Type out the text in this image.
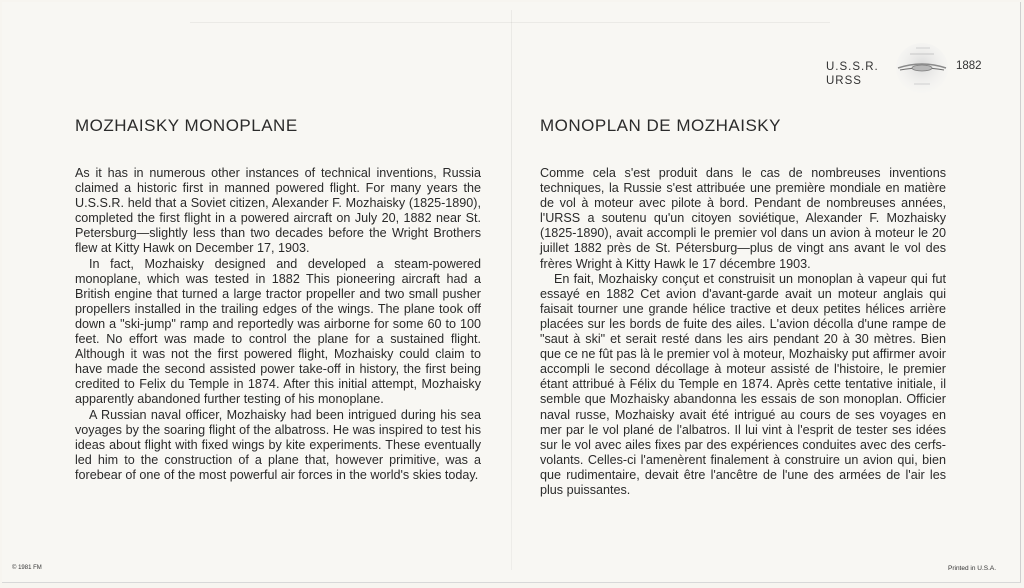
U.S.S.R.
URSS
1882
MOZHAISKY MONOPLANE

As it has in numerous other instances of technical inventions, Russia claimed a historic first in manned powered flight. For many years the U.S.S.R. held that a Soviet citizen, Alexander F. Mozhaisky (1825-1890), completed the first flight in a powered aircraft on July 20, 1882 near St. Petersburg—slightly less than two decades before the Wright Brothers flew at Kitty Hawk on December 17, 1903.

In fact, Mozhaisky designed and developed a steam-powered monoplane, which was tested in 1882 This pioneering aircraft had a British engine that turned a large tractor propeller and two small pusher propellers installed in the trailing edges of the wings. The plane took off down a "ski-jump" ramp and reportedly was airborne for some 60 to 100 feet. No effort was made to control the plane for a sustained flight. Although it was not the first powered flight, Mozhaisky could claim to have made the second assisted power take-off in history, the first being credited to Felix du Temple in 1874. After this initial attempt, Mozhaisky apparently abandoned further testing of his monoplane.

A Russian naval officer, Mozhaisky had been intrigued during his sea voyages by the soaring flight of the albatross. He was inspired to test his ideas about flight with fixed wings by kite experiments. These eventually led him to the construction of a plane that, however primitive, was a forebear of one of the most powerful air forces in the world's skies today.

MONOPLAN DE MOZHAISKY

Comme cela s'est produit dans le cas de nombreuses inventions techniques, la Russie s'est attribuée une première mondiale en matière de vol à moteur avec pilote à bord. Pendant de nombreuses années, l'URSS a soutenu qu'un citoyen soviétique, Alexander F. Mozhaisky (1825-1890), avait accompli le premier vol dans un avion à moteur le 20 juillet 1882 près de St. Pétersburg—plus de vingt ans avant le vol des frères Wright à Kitty Hawk le 17 décembre 1903.

En fait, Mozhaisky conçut et construisit un monoplan à vapeur qui fut essayé en 1882 Cet avion d'avant-garde avait un moteur anglais qui faisait tourner une grande hélice tractive et deux petites hélices arrière placées sur les bords de fuite des ailes. L'avion décolla d'une rampe de "saut à ski" et serait resté dans les airs pendant 20 à 30 mètres. Bien que ce ne fût pas là le premier vol à moteur, Mozhaisky put affirmer avoir accompli le second décollage à moteur assisté de l'histoire, le premier étant attribué à Félix du Temple en 1874. Après cette tentative initiale, il semble que Mozhaisky abandonna les essais de son monoplan. Officier naval russe, Mozhaisky avait été intrigué au cours de ses voyages en mer par le vol plané de l'albatros. Il lui vint à l'esprit de tester ses idées sur le vol avec ailes fixes par des expériences conduites avec des cerfs-volants. Celles-ci l'amenèrent finalement à construire un avion qui, bien que rudimentaire, devait être l'ancêtre de l'une des armées de l'air les plus puissantes.

© 1981 FM	Printed in U.S.A.
